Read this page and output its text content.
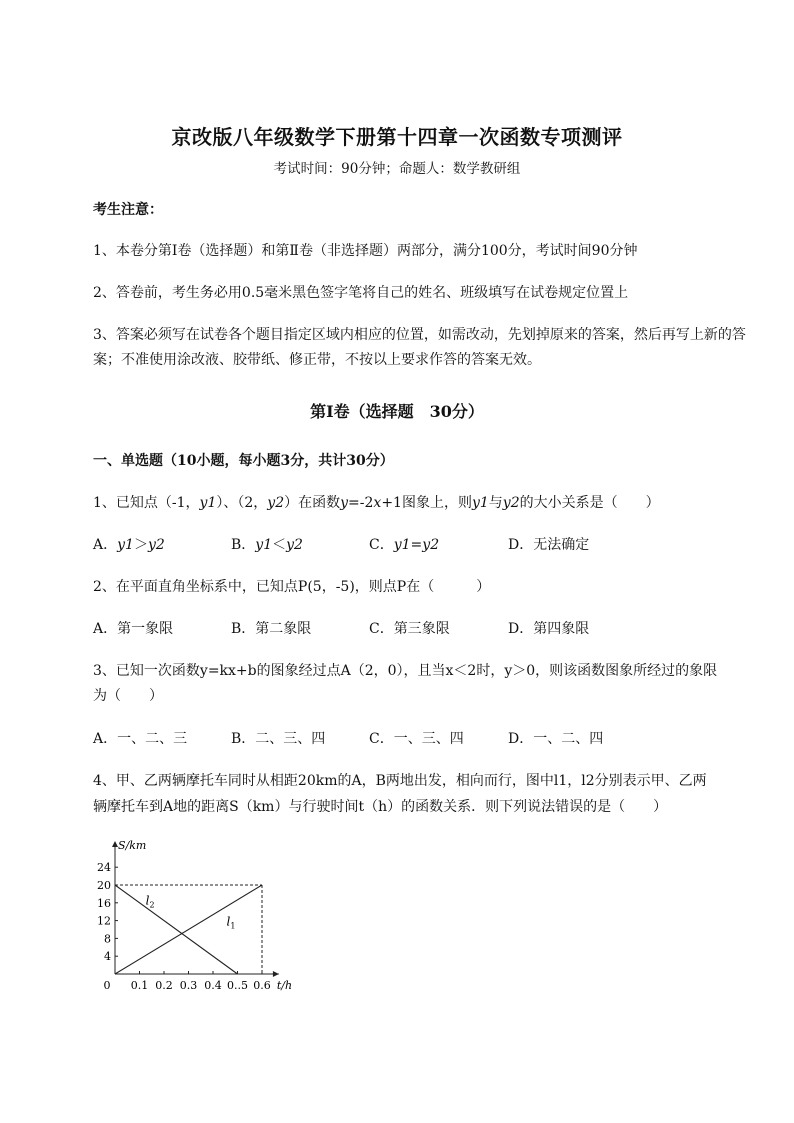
京改版八年级数学下册第十四章一次函数专项测评
考试时间：90分钟；命题人：数学教研组
考生注意：
1、本卷分第I卷（选择题）和第Ⅱ卷（非选择题）两部分，满分100分，考试时间90分钟
2、答卷前，考生务必用0.5毫米黑色签字笔将自己的姓名、班级填写在试卷规定位置上
3、答案必须写在试卷各个题目指定区域内相应的位置，如需改动，先划掉原来的答案，然后再写上新的答案；不准使用涂改液、胶带纸、修正带，不按以上要求作答的答案无效。
第I卷（选择题　30分）
一、单选题（10小题，每小题3分，共计30分）
1、已知点（-1，y1）、（2，y2）在函数y=-2x+1图象上，则y1与y2的大小关系是（　　）
A．y1＞y2	B．y1＜y2	C．y1=y2	D．无法确定
2、在平面直角坐标系中，已知点P(5，-5)，则点P在（　　　）
A．第一象限	B．第二象限	C．第三象限	D．第四象限
3、已知一次函数y=kx+b的图象经过点A（2，0），且当x＜2时，y＞0，则该函数图象所经过的象限
为（　　）
A．一、二、三	B．二、三、四	C．一、三、四	D．一、二、四
4、甲、乙两辆摩托车同时从相距20km的A，B两地出发，相向而行，图中l1，l2分别表示甲、乙两
辆摩托车到A地的距离S（km）与行驶时间t（h）的函数关系．则下列说法错误的是（　　）
S/km
t/h
0
4
8
12
16
20
24
0.1 0.2 0.3 0.4 0..5 0.6
$l_1$
$l_2$
